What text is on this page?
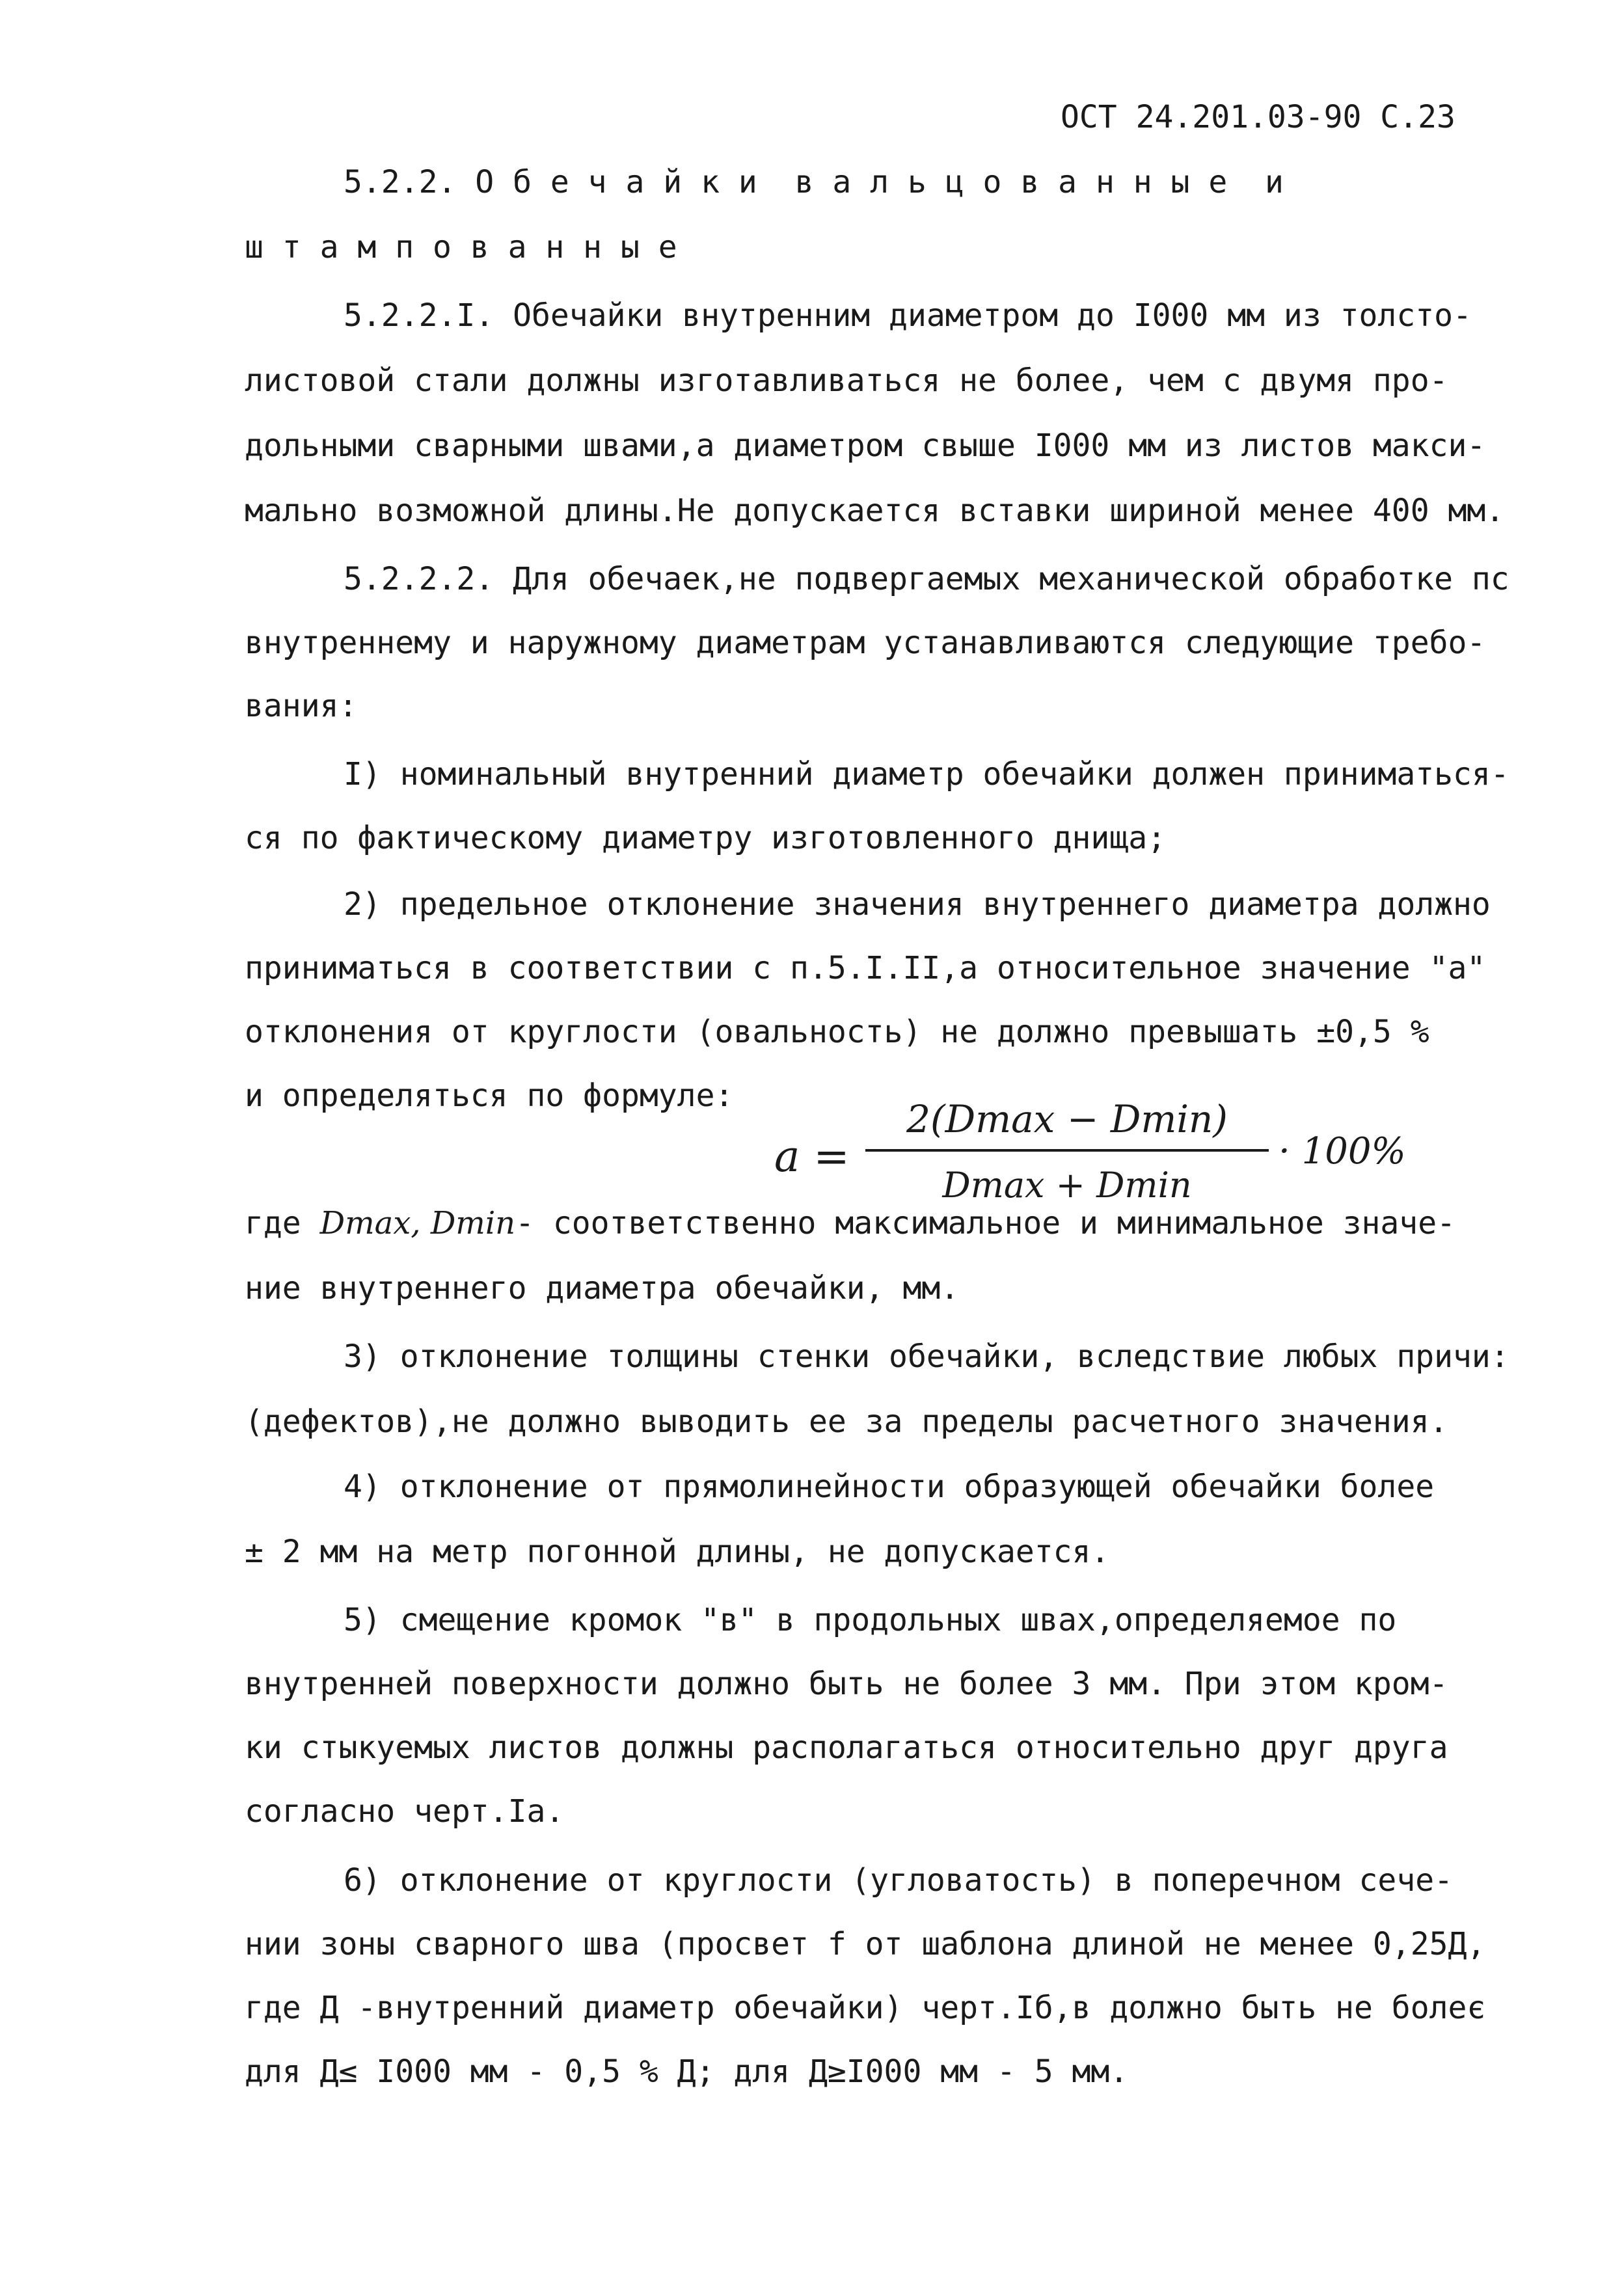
ОСТ 24.201.03-90 С.23
5.2.2. О б е ч а й к и  в а л ь ц о в а н н ы е  и
ш т а м п о в а н н ы е
5.2.2.I. Обечайки внутренним диаметром до I000 мм из толсто-
листовой стали должны изготавливаться не более, чем с двумя про-
дольными сварными швами,а диаметром свыше I000 мм из листов макси-
мально возможной длины.Не допускается вставки шириной менее 400 мм.
5.2.2.2. Для обечаек,не подвергаемых механической обработке пс
внутреннему и наружному диаметрам устанавливаются следующие требо-
вания:
I) номинальный внутренний диаметр обечайки должен приниматься-
ся по фактическому диаметру изготовленного днища;
2) предельное отклонение значения внутреннего диаметра должно
приниматься в соответствии с п.5.I.II,а относительное значение "а"
отклонения от круглости (овальность) не должно превышать ±0,5 %
и определяться по формуле:
a =
2(Dmax − Dmin)
Dmax + Dmin
· 100%
где Dmax, Dmin- соответственно максимальное и минимальное значе-
ние внутреннего диаметра обечайки, мм.
3) отклонение толщины стенки обечайки, вследствие любых причи:
(дефектов),не должно выводить ее за пределы расчетного значения.
4) отклонение от прямолинейности образующей обечайки более
± 2 мм на метр погонной длины, не допускается.
5) смещение кромок "в" в продольных швах,определяемое по
внутренней поверхности должно быть не более 3 мм. При этом кром-
ки стыкуемых листов должны располагаться относительно друг друга
согласно черт.Iа.
6) отклонение от круглости (угловатость) в поперечном сече-
нии зоны сварного шва (просвет f от шаблона длиной не менее 0,25Д,
где Д -внутренний диаметр обечайки) черт.Iб,в должно быть не болеє
для Д≤ I000 мм - 0,5 % Д; для Д≥I000 мм - 5 мм.
